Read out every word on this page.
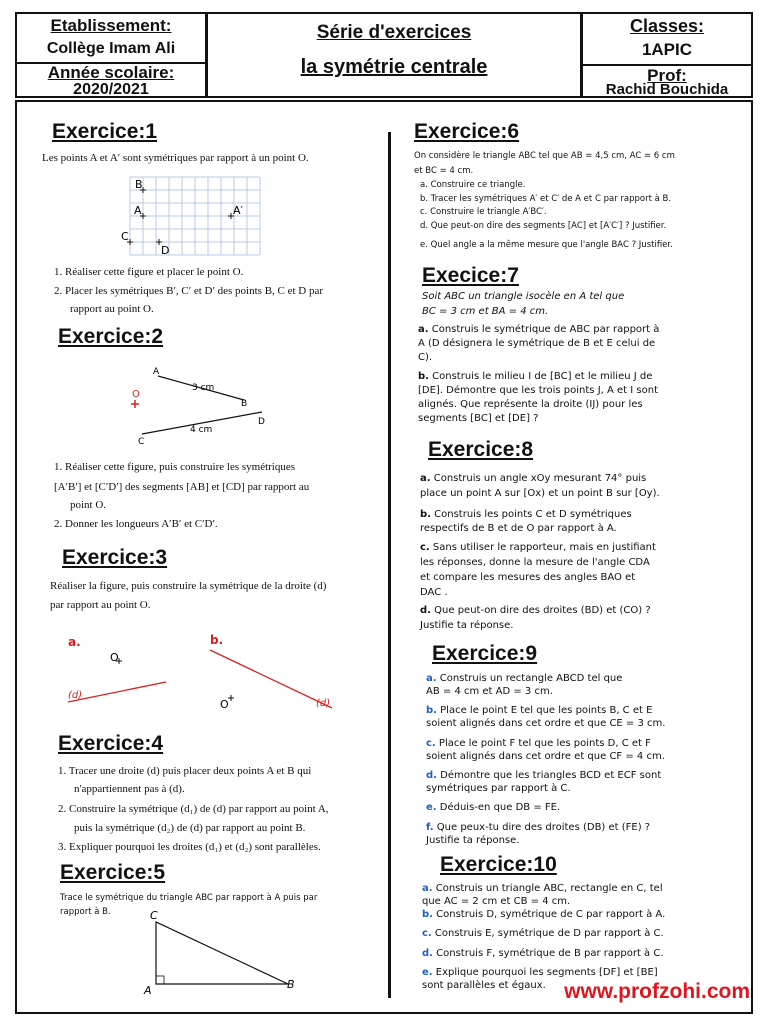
Etablissement:
Collège Imam Ali
Année scolaire:
2020/2021
Série d'exercices
la symétrie centrale
Classes:
1APIC
Prof:
Rachid Bouchida
Exercice:1
Les points A et A′ sont symétriques par rapport à un point O.
B
A	A′
C
D
1. Réaliser cette figure et placer le point O.
2. Placer les symétriques B′, C′ et D′ des points B, C et D par
rapport au point O.
Exercice:2
A
B
C
D
3 cm
4 cm
O
1. Réaliser cette figure, puis construire les symétriques
[A′B′] et [C′D′] des segments [AB] et [CD] par rapport au
point O.
2. Donner les longueurs A′B′ et C′D′.
Exercice:3
Réaliser la figure, puis construire la symétrique de la droite (d)
par rapport au point O.
a.	b.
O
(d)
O	(d)
Exercice:4
1. Tracer une droite (d) puis placer deux points A et B qui
n'appartiennent pas à (d).
2. Construire la symétrique (d₁) de (d) par rapport au point A,
puis la symétrique (d₂) de (d) par rapport au point B.
3. Expliquer pourquoi les droites (d₁) et (d₂) sont parallèles.
Exercice:5
Trace le symétrique du triangle ABC par rapport à A puis par
rapport à B.	C
A	B
Exercice:6
On considère le triangle ABC tel que AB = 4,5 cm, AC = 6 cm
et BC = 4 cm.
a. Construire ce triangle.
b. Tracer les symétriques A′ et C′ de A et C par rapport à B.
c. Construire le triangle A′BC′.
d. Que peut-on dire des segments [AC] et [A′C′] ? Justifier.
e. Quel angle a la même mesure que l'angle BAC ? Justifier.
Execice:7
Soit ABC un triangle isocèle en A tel que
BC = 3 cm et BA = 4 cm.
a. Construis le symétrique de ABC par rapport à
A (D désignera le symétrique de B et E celui de
C).
b. Construis le milieu I de [BC] et le milieu J de
[DE]. Démontre que les trois points J, A et I sont
alignés. Que représente la droite (IJ) pour les
segments [BC] et [DE] ?
Exercice:8
a. Construis un angle xOy mesurant 74° puis
place un point A sur [Ox) et un point B sur [Oy).
b. Construis les points C et D symétriques
respectifs de B et de O par rapport à A.
c. Sans utiliser le rapporteur, mais en justifiant
les réponses, donne la mesure de l'angle CDA
et compare les mesures des angles BAO et
DAC .
d. Que peut-on dire des droites (BD) et (CO) ?
Justifie ta réponse.
Exercice:9
a. Construis un rectangle ABCD tel que
AB = 4 cm et AD = 3 cm.
b. Place le point E tel que les points B, C et E
soient alignés dans cet ordre et que CE = 3 cm.
c. Place le point F tel que les points D, C et F
soient alignés dans cet ordre et que CF = 4 cm.
d. Démontre que les triangles BCD et ECF sont
symétriques par rapport à C.
e. Déduis-en que DB = FE.
f. Que peux-tu dire des droites (DB) et (FE) ?
Justifie ta réponse.
Exercice:10
a. Construis un triangle ABC, rectangle en C, tel
que AC = 2 cm et CB = 4 cm.
b. Construis D, symétrique de C par rapport à A.
c. Construis E, symétrique de D par rapport à C.
d. Construis F, symétrique de B par rapport à C.
e. Explique pourquoi les segments [DF] et [BE]
sont parallèles et égaux. www.profzohi.com
